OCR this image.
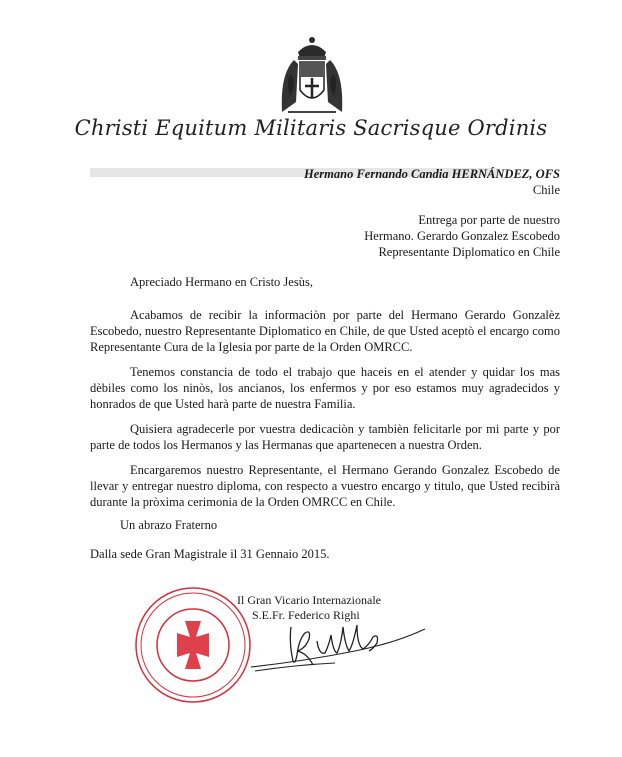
Christi Equitum Militaris Sacrisque Ordinis
Hermano Fernando Candia HERNÁNDEZ, OFS
Chile
Entrega por parte de nuestro
Hermano. Gerardo Gonzalez Escobedo
Representante Diplomatico en Chile
Apreciado Hermano en Cristo Jesùs,

Acabamos de recibir la informaciòn por parte del Hermano Gerardo Gonzalèz Escobedo, nuestro Representante Diplomatico en Chile, de que Usted aceptò el encargo como Representante Cura de la Iglesia por parte de la Orden OMRCC.

Tenemos constancia de todo el trabajo que haceis en el atender y quidar los mas dèbiles como los ninòs, los ancianos, los enfermos y por eso estamos muy agradecidos y honrados de que Usted harà parte de nuestra Familia.

Quisiera agradecerle por vuestra dedicaciòn y tambièn felicitarle por mi parte y por parte de todos los Hermanos y las Hermanas que apartenecen a nuestra Orden.

Encargaremos nuestro Representante, el Hermano Gerando Gonzalez Escobedo de llevar y entregar nuestro diploma, con respecto a vuestro encargo y titulo, que Usted recibirà durante la pròxima cerimonia de la Orden OMRCC en Chile.

Un abrazo Fraterno
Dalla sede Gran Magistrale il 31 Gennaio 2015.
Il Gran Vicario Internazionale
S.E.Fr. Federico Righi
